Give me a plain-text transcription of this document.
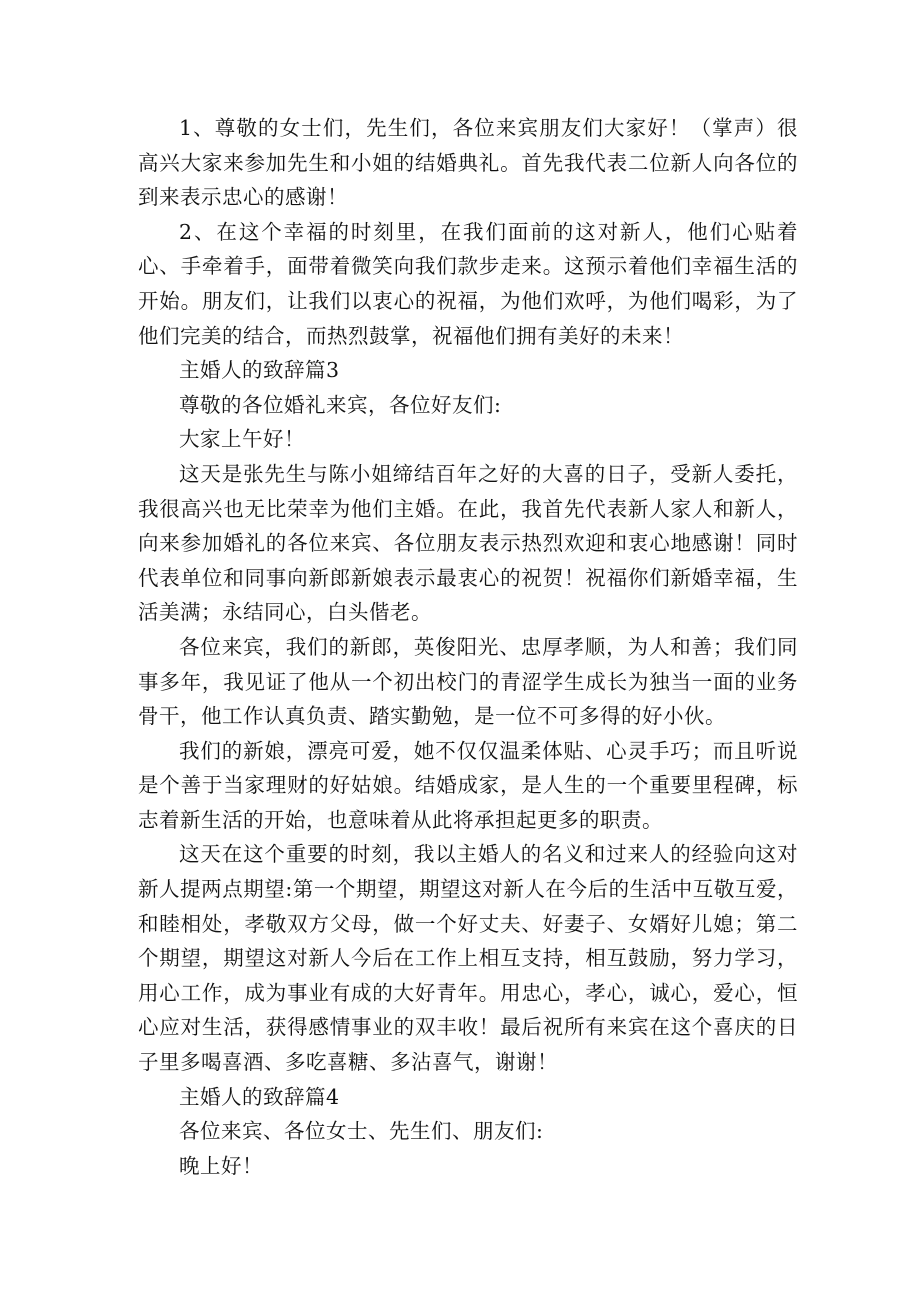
1、尊敬的女士们，先生们，各位来宾朋友们大家好！（掌声）很高兴大家来参加先生和小姐的结婚典礼。首先我代表二位新人向各位的到来表示忠心的感谢！

2、在这个幸福的时刻里，在我们面前的这对新人，他们心贴着心、手牵着手，面带着微笑向我们款步走来。这预示着他们幸福生活的开始。朋友们，让我们以衷心的祝福，为他们欢呼，为他们喝彩，为了他们完美的结合，而热烈鼓掌，祝福他们拥有美好的未来！

主婚人的致辞篇3

尊敬的各位婚礼来宾，各位好友们:

大家上午好！

这天是张先生与陈小姐缔结百年之好的大喜的日子，受新人委托，我很高兴也无比荣幸为他们主婚。在此，我首先代表新人家人和新人，向来参加婚礼的各位来宾、各位朋友表示热烈欢迎和衷心地感谢！同时代表单位和同事向新郎新娘表示最衷心的祝贺！祝福你们新婚幸福，生活美满；永结同心，白头偕老。

各位来宾，我们的新郎，英俊阳光、忠厚孝顺，为人和善；我们同事多年，我见证了他从一个初出校门的青涩学生成长为独当一面的业务骨干，他工作认真负责、踏实勤勉，是一位不可多得的好小伙。

我们的新娘，漂亮可爱，她不仅仅温柔体贴、心灵手巧；而且听说是个善于当家理财的好姑娘。结婚成家，是人生的一个重要里程碑，标志着新生活的开始，也意味着从此将承担起更多的职责。

这天在这个重要的时刻，我以主婚人的名义和过来人的经验向这对新人提两点期望:第一个期望，期望这对新人在今后的生活中互敬互爱，和睦相处，孝敬双方父母，做一个好丈夫、好妻子、女婿好儿媳；第二个期望，期望这对新人今后在工作上相互支持，相互鼓励，努力学习，用心工作，成为事业有成的大好青年。用忠心，孝心，诚心，爱心，恒心应对生活，获得感情事业的双丰收！最后祝所有来宾在这个喜庆的日子里多喝喜酒、多吃喜糖、多沾喜气，谢谢！

主婚人的致辞篇4

各位来宾、各位女士、先生们、朋友们:

晚上好！
